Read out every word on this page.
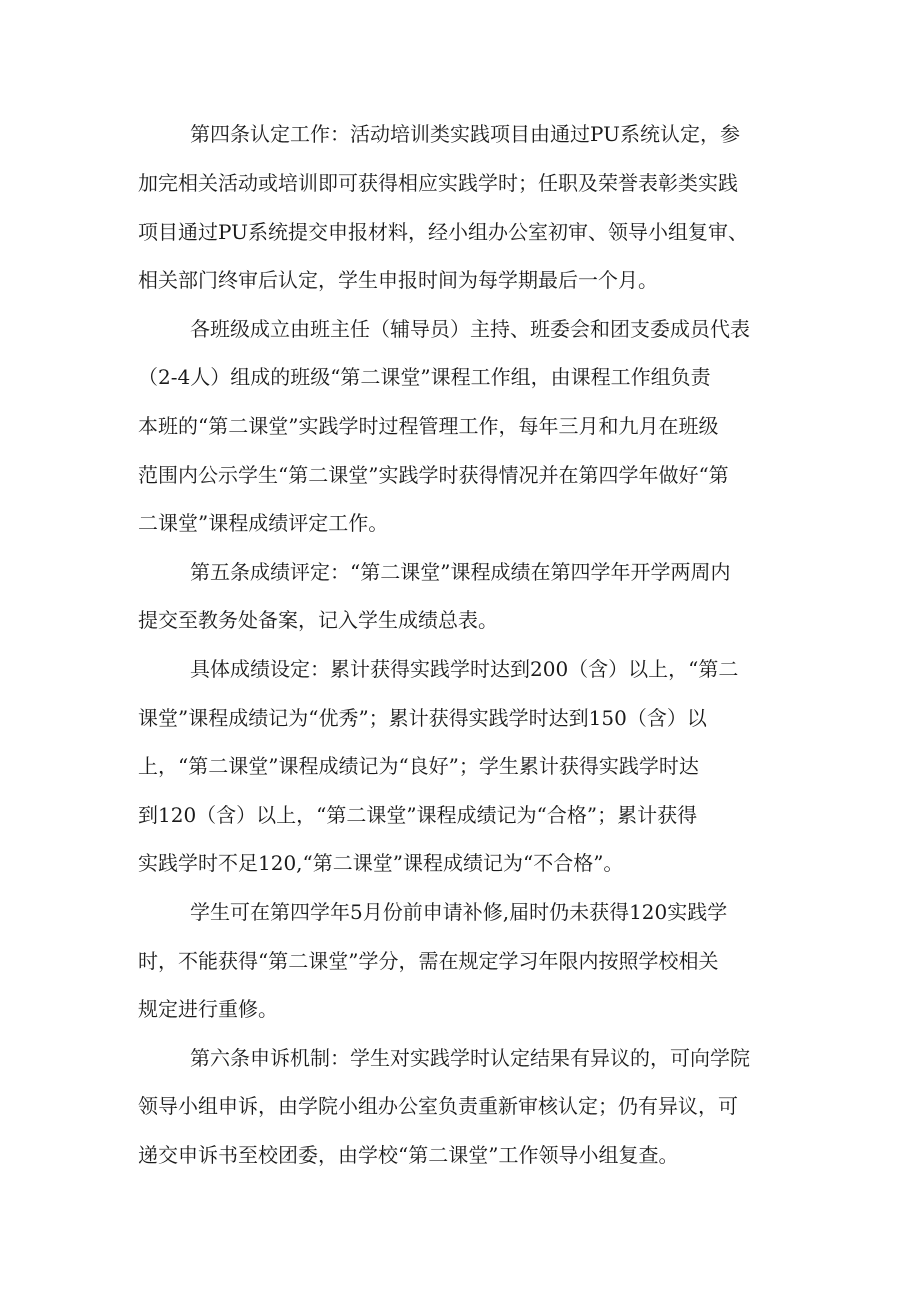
第四条认定工作：活动培训类实践项目由通过PU系统认定，参
加完相关活动或培训即可获得相应实践学时；任职及荣誉表彰类实践
项目通过PU系统提交申报材料，经小组办公室初审、领导小组复审、
相关部门终审后认定，学生申报时间为每学期最后一个月。
各班级成立由班主任（辅导员）主持、班委会和团支委成员代表
（2-4人）组成的班级“第二课堂”课程工作组，由课程工作组负责
本班的“第二课堂”实践学时过程管理工作，每年三月和九月在班级
范围内公示学生“第二课堂”实践学时获得情况并在第四学年做好“第
二课堂”课程成绩评定工作。
第五条成绩评定：“第二课堂”课程成绩在第四学年开学两周内
提交至教务处备案，记入学生成绩总表。
具体成绩设定：累计获得实践学时达到200（含）以上，“第二
课堂”课程成绩记为“优秀”；累计获得实践学时达到150（含）以
上，“第二课堂”课程成绩记为“良好”；学生累计获得实践学时达
到120（含）以上，“第二课堂”课程成绩记为“合格”；累计获得
实践学时不足120,“第二课堂”课程成绩记为“不合格”。
学生可在第四学年5月份前申请补修,届时仍未获得120实践学
时，不能获得“第二课堂”学分，需在规定学习年限内按照学校相关
规定进行重修。
第六条申诉机制：学生对实践学时认定结果有异议的，可向学院
领导小组申诉，由学院小组办公室负责重新审核认定；仍有异议，可
递交申诉书至校团委，由学校“第二课堂”工作领导小组复查。
